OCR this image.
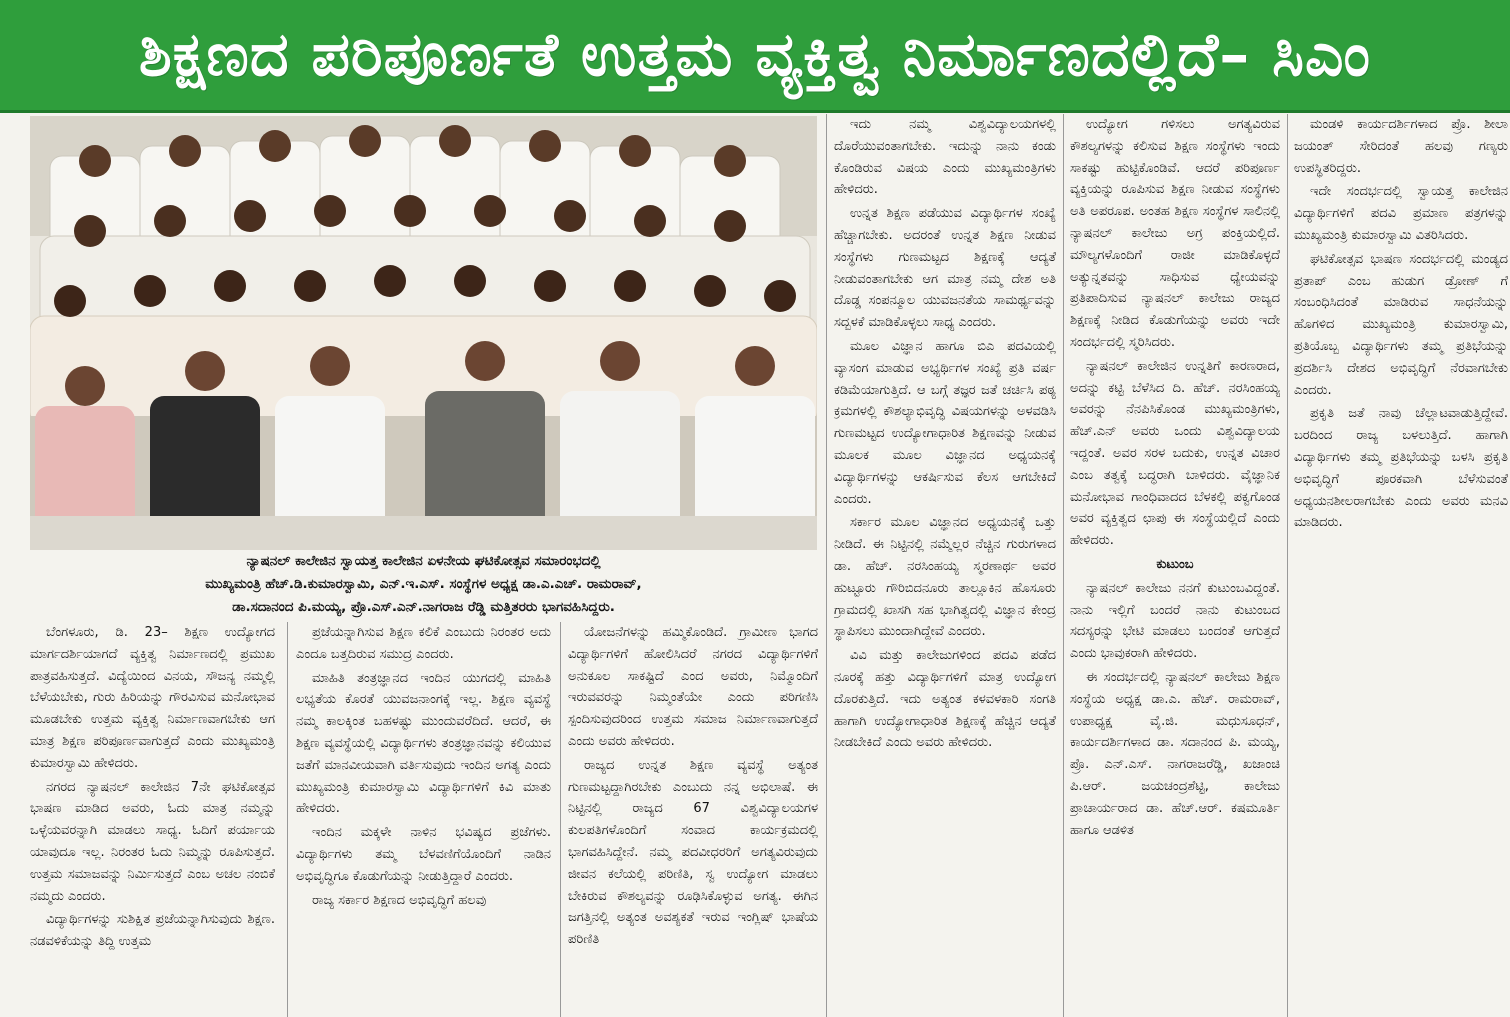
ಶಿಕ್ಷಣದ ಪರಿಪೂರ್ಣತೆ ಉತ್ತಮ ವ್ಯಕ್ತಿತ್ವ ನಿರ್ಮಾಣದಲ್ಲಿದೆ– ಸಿಎಂ
ನ್ಯಾಷನಲ್ ಕಾಲೇಜಿನ ಸ್ವಾಯತ್ತ ಕಾಲೇಜಿನ ಏಳನೇಯ ಘಟಿಕೋತ್ಸವ ಸಮಾರಂಭದಲ್ಲಿ
ಮುಖ್ಯಮಂತ್ರಿ ಹೆಚ್.ಡಿ.ಕುಮಾರಸ್ವಾಮಿ, ಎನ್.ಇ.ಎಸ್. ಸಂಸ್ಥೆಗಳ ಅಧ್ಯಕ್ಷ ಡಾ.ಎ.ಎಚ್. ರಾಮರಾವ್,
ಡಾ.ಸದಾನಂದ ಪಿ.ಮಯ್ಯ, ಪ್ರೊ.ಎಸ್.ಎನ್.ನಾಗರಾಜ ರೆಡ್ಡಿ ಮತ್ತಿತರರು ಭಾಗವಹಿಸಿದ್ದರು.

ಬೆಂಗಳೂರು, ಡಿ. 23– ಶಿಕ್ಷಣ ಉದ್ಯೋಗದ ಮಾರ್ಗದರ್ಶಿಯಾಗದೆ ವ್ಯಕ್ತಿತ್ವ ನಿರ್ಮಾಣದಲ್ಲಿ ಪ್ರಮುಖ ಪಾತ್ರವಹಿಸುತ್ತದೆ. ವಿದ್ಯೆಯಿಂದ ವಿನಯ, ಸೌಜನ್ಯ ನಮ್ಮಲ್ಲಿ ಬೆಳೆಯಬೇಕು, ಗುರು ಹಿರಿಯನ್ನು ಗೌರವಿಸುವ ಮನೋಭಾವ ಮೂಡಬೇಕು ಉತ್ತಮ ವ್ಯಕ್ತಿತ್ವ ನಿರ್ಮಾಣವಾಗಬೇಕು ಆಗ ಮಾತ್ರ ಶಿಕ್ಷಣ ಪರಿಪೂರ್ಣವಾಗುತ್ತದೆ ಎಂದು ಮುಖ್ಯಮಂತ್ರಿ ಕುಮಾರಸ್ವಾಮಿ ಹೇಳಿದರು.

ನಗರದ ನ್ಯಾಷನಲ್ ಕಾಲೇಜಿನ 7ನೇ ಘಟಿಕೋತ್ಸವ ಭಾಷಣ ಮಾಡಿದ ಅವರು, ಓದು ಮಾತ್ರ ನಮ್ಮನ್ನು ಒಳ್ಳೆಯವರನ್ನಾಗಿ ಮಾಡಲು ಸಾಧ್ಯ. ಓದಿಗೆ ಪರ್ಯಾಯ ಯಾವುದೂ ಇಲ್ಲ. ನಿರಂತರ ಓದು ನಿಮ್ಮನ್ನು ರೂಪಿಸುತ್ತದೆ. ಉತ್ತಮ ಸಮಾಜವನ್ನು ನಿರ್ಮಿಸುತ್ತದೆ ಎಂಬ ಅಚಲ ನಂಬಿಕೆ ನಮ್ಮದು ಎಂದರು.

ವಿದ್ಯಾರ್ಥಿಗಳನ್ನು ಸುಶಿಕ್ಷಿತ ಪ್ರಜೆಯನ್ನಾಗಿಸುವುದು ಶಿಕ್ಷಣ. ನಡವಳಿಕೆಯನ್ನು ತಿದ್ದಿ ಉತ್ತಮ

ಪ್ರಜೆಯನ್ನಾಗಿಸುವ ಶಿಕ್ಷಣ ಕಲಿಕೆ ಎಂಬುದು ನಿರಂತರ ಅದು ಎಂದೂ ಬತ್ತದಿರುವ ಸಮುದ್ರ ಎಂದರು.

ಮಾಹಿತಿ ತಂತ್ರಜ್ಞಾನದ ಇಂದಿನ ಯುಗದಲ್ಲಿ ಮಾಹಿತಿ ಲಭ್ಯತೆಯ ಕೊರತೆ ಯುವಜನಾಂಗಕ್ಕೆ ಇಲ್ಲ. ಶಿಕ್ಷಣ ವ್ಯವಸ್ಥೆ ನಮ್ಮ ಕಾಲಕ್ಕಿಂತ ಬಹಳಷ್ಟು ಮುಂದುವರೆದಿದೆ. ಆದರೆ, ಈ ಶಿಕ್ಷಣ ವ್ಯವಸ್ಥೆಯಲ್ಲಿ ವಿದ್ಯಾರ್ಥಿಗಳು ತಂತ್ರಜ್ಞಾನವನ್ನು ಕಲಿಯುವ ಜತೆಗೆ ಮಾನವೀಯವಾಗಿ ವರ್ತಿಸುವುದು ಇಂದಿನ ಅಗತ್ಯ ಎಂದು ಮುಖ್ಯಮಂತ್ರಿ ಕುಮಾರಸ್ವಾಮಿ ವಿದ್ಯಾರ್ಥಿಗಳಿಗೆ ಕಿವಿ ಮಾತು ಹೇಳಿದರು.

ಇಂದಿನ ಮಕ್ಕಳೇ ನಾಳಿನ ಭವಿಷ್ಯದ ಪ್ರಜೆಗಳು. ವಿದ್ಯಾರ್ಥಿಗಳು ತಮ್ಮ ಬೆಳವಣಿಗೆಯೊಂದಿಗೆ ನಾಡಿನ ಅಭಿವೃದ್ಧಿಗೂ ಕೊಡುಗೆಯನ್ನು ನೀಡುತ್ತಿದ್ದಾರೆ ಎಂದರು.

ರಾಜ್ಯ ಸರ್ಕಾರ ಶಿಕ್ಷಣದ ಅಭಿವೃದ್ಧಿಗೆ ಹಲವು

ಯೋಜನೆಗಳನ್ನು ಹಮ್ಮಿಕೊಂಡಿದೆ. ಗ್ರಾಮೀಣ ಭಾಗದ ವಿದ್ಯಾರ್ಥಿಗಳಿಗೆ ಹೋಲಿಸಿದರೆ ನಗರದ ವಿದ್ಯಾರ್ಥಿಗಳಿಗೆ ಅನುಕೂಲ ಸಾಕಷ್ಟಿದೆ ಎಂದ ಅವರು, ನಿಮ್ಮೊಂದಿಗೆ ಇರುವವರನ್ನು ನಿಮ್ಮಂತೆಯೇ ಎಂದು ಪರಿಗಣಿಸಿ ಸ್ಪಂದಿಸುವುದರಿಂದ ಉತ್ತಮ ಸಮಾಜ ನಿರ್ಮಾಣವಾಗುತ್ತದೆ ಎಂದು ಅವರು ಹೇಳಿದರು.

ರಾಜ್ಯದ ಉನ್ನತ ಶಿಕ್ಷಣ ವ್ಯವಸ್ಥೆ ಅತ್ಯಂತ ಗುಣಮಟ್ಟದ್ದಾಗಿರಬೇಕು ಎಂಬುದು ನನ್ನ ಅಭಿಲಾಷೆ. ಈ ನಿಟ್ಟಿನಲ್ಲಿ ರಾಜ್ಯದ 67 ವಿಶ್ವವಿದ್ಯಾಲಯಗಳ ಕುಲಪತಿಗಳೊಂದಿಗೆ ಸಂವಾದ ಕಾರ್ಯಕ್ರಮದಲ್ಲಿ ಭಾಗವಹಿಸಿದ್ದೇನೆ. ನಮ್ಮ ಪದವೀಧರರಿಗೆ ಅಗತ್ಯವಿರುವುದು ಜೀವನ ಕಲೆಯಲ್ಲಿ ಪರಿಣಿತಿ, ಸ್ವ ಉದ್ಯೋಗ ಮಾಡಲು ಬೇಕಿರುವ ಕೌಶಲ್ಯವನ್ನು ರೂಢಿಸಿಕೊಳ್ಳುವ ಅಗತ್ಯ. ಈಗಿನ ಜಗತ್ತಿನಲ್ಲಿ ಅತ್ಯಂತ ಅವಶ್ಯಕತೆ ಇರುವ ಇಂಗ್ಲಿಷ್ ಭಾಷೆಯ ಪರಿಣಿತಿ

ಇದು ನಮ್ಮ ವಿಶ್ವವಿದ್ಯಾಲಯಗಳಲ್ಲಿ ದೊರೆಯುವಂತಾಗಬೇಕು. ಇದುನ್ನು ನಾನು ಕಂಡು ಕೊಂಡಿರುವ ವಿಷಯ ಎಂದು ಮುಖ್ಯಮಂತ್ರಿಗಳು ಹೇಳಿದರು.

ಉನ್ನತ ಶಿಕ್ಷಣ ಪಡೆಯುವ ವಿದ್ಯಾರ್ಥಿಗಳ ಸಂಖ್ಯೆ ಹೆಚ್ಚಾಗಬೇಕು. ಅದರಂತೆ ಉನ್ನತ ಶಿಕ್ಷಣ ನೀಡುವ ಸಂಸ್ಥೆಗಳು ಗುಣಮಟ್ಟದ ಶಿಕ್ಷಣಕ್ಕೆ ಆದ್ಯತೆ ನೀಡುವಂತಾಗಬೇಕು ಆಗ ಮಾತ್ರ ನಮ್ಮ ದೇಶ ಅತಿ ದೊಡ್ಡ ಸಂಪನ್ಮೂಲ ಯುವಜನತೆಯ ಸಾಮರ್ಥ್ಯವನ್ನು ಸದ್ಬಳಕೆ ಮಾಡಿಕೊಳ್ಳಲು ಸಾಧ್ಯ ಎಂದರು.

ಮೂಲ ವಿಜ್ಞಾನ ಹಾಗೂ ಬಿಎ ಪದವಿಯಲ್ಲಿ ವ್ಯಾಸಂಗ ಮಾಡುವ ಅಭ್ಯರ್ಥಿಗಳ ಸಂಖ್ಯೆ ಪ್ರತಿ ವರ್ಷ ಕಡಿಮೆಯಾಗುತ್ತಿದೆ. ಆ ಬಗ್ಗೆ ತಜ್ಞರ ಜತೆ ಚರ್ಚಿಸಿ ಪಠ್ಯ ಕ್ರಮಗಳಲ್ಲಿ ಕೌಶಲ್ಯಾಭಿವೃದ್ಧಿ ವಿಷಯಗಳನ್ನು ಅಳವಡಿಸಿ ಗುಣಮಟ್ಟದ ಉದ್ಯೋಗಾಧಾರಿತ ಶಿಕ್ಷಣವನ್ನು ನೀಡುವ ಮೂಲಕ ಮೂಲ ವಿಜ್ಞಾನದ ಅಧ್ಯಯನಕ್ಕೆ ವಿದ್ಯಾರ್ಥಿಗಳನ್ನು ಆಕರ್ಷಿಸುವ ಕೆಲಸ ಆಗಬೇಕಿದೆ ಎಂದರು.

ಸರ್ಕಾರ ಮೂಲ ವಿಜ್ಞಾನದ ಅಧ್ಯಯನಕ್ಕೆ ಒತ್ತು ನೀಡಿದೆ. ಈ ನಿಟ್ಟಿನಲ್ಲಿ ನಮ್ಮೆಲ್ಲರ ನೆಚ್ಚಿನ ಗುರುಗಳಾದ ಡಾ. ಹೆಚ್. ನರಸಿಂಹಯ್ಯ ಸ್ಮರಣಾರ್ಥ ಅವರ ಹುಟ್ಟೂರು ಗೌರಿಬಿದನೂರು ತಾಲ್ಲೂಕಿನ ಹೊಸೂರು ಗ್ರಾಮದಲ್ಲಿ ಖಾಸಗಿ ಸಹ ಭಾಗಿತ್ವದಲ್ಲಿ ವಿಜ್ಞಾನ ಕೇಂದ್ರ ಸ್ಥಾಪಿಸಲು ಮುಂದಾಗಿದ್ದೇವೆ ಎಂದರು.

ವಿವಿ ಮತ್ತು ಕಾಲೇಜುಗಳಿಂದ ಪದವಿ ಪಡೆದ ನೂರಕ್ಕೆ ಹತ್ತು ವಿದ್ಯಾರ್ಥಿಗಳಿಗೆ ಮಾತ್ರ ಉದ್ಯೋಗ ದೊರಕುತ್ತಿದೆ. ಇದು ಅತ್ಯಂತ ಕಳವಳಕಾರಿ ಸಂಗತಿ ಹಾಗಾಗಿ ಉದ್ಯೋಗಾಧಾರಿತ ಶಿಕ್ಷಣಕ್ಕೆ ಹೆಚ್ಚಿನ ಆದ್ಯತೆ ನೀಡಬೇಕಿದೆ ಎಂದು ಅವರು ಹೇಳಿದರು.

ಉದ್ಯೋಗ ಗಳಿಸಲು ಅಗತ್ಯವಿರುವ ಕೌಶಲ್ಯಗಳನ್ನು ಕಲಿಸುವ ಶಿಕ್ಷಣ ಸಂಸ್ಥೆಗಳು ಇಂದು ಸಾಕಷ್ಟು ಹುಟ್ಟಿಕೊಂಡಿವೆ. ಆದರೆ ಪರಿಪೂರ್ಣ ವ್ಯಕ್ತಿಯನ್ನು ರೂಪಿಸುವ ಶಿಕ್ಷಣ ನೀಡುವ ಸಂಸ್ಥೆಗಳು ಅತಿ ಅಪರೂಪ. ಅಂತಹ ಶಿಕ್ಷಣ ಸಂಸ್ಥೆಗಳ ಸಾಲಿನಲ್ಲಿ ನ್ಯಾಷನಲ್ ಕಾಲೇಜು ಅಗ್ರ ಪಂಕ್ತಿಯಲ್ಲಿದೆ. ಮೌಲ್ಯಗಳೊಂದಿಗೆ ರಾಜೀ ಮಾಡಿಕೊಳ್ಳದೆ ಅತ್ಯುನ್ನತವನ್ನು ಸಾಧಿಸುವ ಧ್ಯೇಯವನ್ನು ಪ್ರತಿಪಾದಿಸುವ ನ್ಯಾಷನಲ್ ಕಾಲೇಜು ರಾಜ್ಯದ ಶಿಕ್ಷಣಕ್ಕೆ ನೀಡಿದ ಕೊಡುಗೆಯನ್ನು ಅವರು ಇದೇ ಸಂದರ್ಭದಲ್ಲಿ ಸ್ಮರಿಸಿದರು.

ನ್ಯಾಷನಲ್ ಕಾಲೇಜಿನ ಉನ್ನತಿಗೆ ಕಾರಣರಾದ, ಅದನ್ನು ಕಟ್ಟಿ ಬೆಳೆಸಿದ ದಿ. ಹೆಚ್. ನರಸಿಂಹಯ್ಯ ಅವರನ್ನು ನೆನಪಿಸಿಕೊಂಡ ಮುಖ್ಯಮಂತ್ರಿಗಳು, ಹೆಚ್.ಎನ್ ಅವರು ಒಂದು ವಿಶ್ವವಿದ್ಯಾಲಯ ಇದ್ದಂತೆ. ಅವರ ಸರಳ ಬದುಕು, ಉನ್ನತ ವಿಚಾರ ಎಂಬ ತತ್ವಕ್ಕೆ ಬದ್ಧರಾಗಿ ಬಾಳಿದರು. ವೈಜ್ಞಾನಿಕ ಮನೋಭಾವ ಗಾಂಧಿವಾದದ ಬೆಳಕಲ್ಲಿ ಪಕ್ವಗೊಂಡ ಅವರ ವ್ಯಕ್ತಿತ್ವದ ಛಾಪು ಈ ಸಂಸ್ಥೆಯಲ್ಲಿದೆ ಎಂದು ಹೇಳಿದರು.

ಕುಟುಂಬ

ನ್ಯಾಷನಲ್ ಕಾಲೇಜು ನನಗೆ ಕುಟುಂಬವಿದ್ದಂತೆ. ನಾನು ಇಲ್ಲಿಗೆ ಬಂದರೆ ನಾನು ಕುಟುಂಬದ ಸದಸ್ಯರನ್ನು ಭೇಟಿ ಮಾಡಲು ಬಂದಂತೆ ಆಗುತ್ತದೆ ಎಂದು ಭಾವುಕರಾಗಿ ಹೇಳಿದರು.

ಈ ಸಂದರ್ಭದಲ್ಲಿ ನ್ಯಾಷನಲ್ ಕಾಲೇಜು ಶಿಕ್ಷಣ ಸಂಸ್ಥೆಯ ಅಧ್ಯಕ್ಷ ಡಾ.ಎ. ಹೆಚ್. ರಾಮರಾವ್, ಉಪಾಧ್ಯಕ್ಷ ವೈ.ಜಿ. ಮಧುಸೂಧನ್, ಕಾರ್ಯದರ್ಶಿಗಳಾದ ಡಾ. ಸದಾನಂದ ಪಿ. ಮಯ್ಯ, ಪ್ರೊ. ಎನ್.ಎಸ್. ನಾಗರಾಜರೆಡ್ಡಿ, ಖಜಾಂಚಿ ಪಿ.ಆರ್. ಜಯಚಂದ್ರಶೆಟ್ಟಿ, ಕಾಲೇಜು ಪ್ರಾಚಾರ್ಯರಾದ ಡಾ. ಹೆಚ್.ಆರ್. ಕಷಮೂರ್ತಿ ಹಾಗೂ ಆಡಳಿತ

ಮಂಡಳಿ ಕಾರ್ಯದರ್ಶಿಗಳಾದ ಪ್ರೊ. ಶೀಲಾ ಜಯಂತ್ ಸೇರಿದಂತೆ ಹಲವು ಗಣ್ಯರು ಉಪಸ್ಥಿತರಿದ್ದರು.

ಇದೇ ಸಂದರ್ಭದಲ್ಲಿ ಸ್ವಾಯತ್ತ ಕಾಲೇಜಿನ ವಿದ್ಯಾರ್ಥಿಗಳಿಗೆ ಪದವಿ ಪ್ರಮಾಣ ಪತ್ರಗಳನ್ನು ಮುಖ್ಯಮಂತ್ರಿ ಕುಮಾರಸ್ವಾಮಿ ವಿತರಿಸಿದರು.

ಘಟಿಕೋತ್ಸವ ಭಾಷಣ ಸಂದರ್ಭದಲ್ಲಿ ಮಂಡ್ಯದ ಪ್ರತಾಪ್ ಎಂಬ ಹುಡುಗ ಡ್ರೋಣ್ ಗೆ ಸಂಬಂಧಿಸಿದಂತೆ ಮಾಡಿರುವ ಸಾಧನೆಯನ್ನು ಹೊಗಳಿದ ಮುಖ್ಯಮಂತ್ರಿ ಕುಮಾರಸ್ವಾಮಿ, ಪ್ರತಿಯೊಬ್ಬ ವಿದ್ಯಾರ್ಥಿಗಳು ತಮ್ಮ ಪ್ರತಿಭೆಯನ್ನು ಪ್ರದರ್ಶಿಸಿ ದೇಶದ ಅಭಿವೃದ್ಧಿಗೆ ನೆರವಾಗಬೇಕು ಎಂದರು.

ಪ್ರಕೃತಿ ಜತೆ ನಾವು ಚೆಲ್ಲಾಟವಾಡುತ್ತಿದ್ದೇವೆ. ಬರದಿಂದ ರಾಜ್ಯ ಬಳಲುತ್ತಿದೆ. ಹಾಗಾಗಿ ವಿದ್ಯಾರ್ಥಿಗಳು ತಮ್ಮ ಪ್ರತಿಭೆಯನ್ನು ಬಳಸಿ ಪ್ರಕೃತಿ ಅಭಿವೃದ್ಧಿಗೆ ಪೂರಕವಾಗಿ ಬೆಳೆಸುವಂತೆ ಅಧ್ಯಯನಶೀಲರಾಗಬೇಕು ಎಂದು ಅವರು ಮನವಿ ಮಾಡಿದರು.
